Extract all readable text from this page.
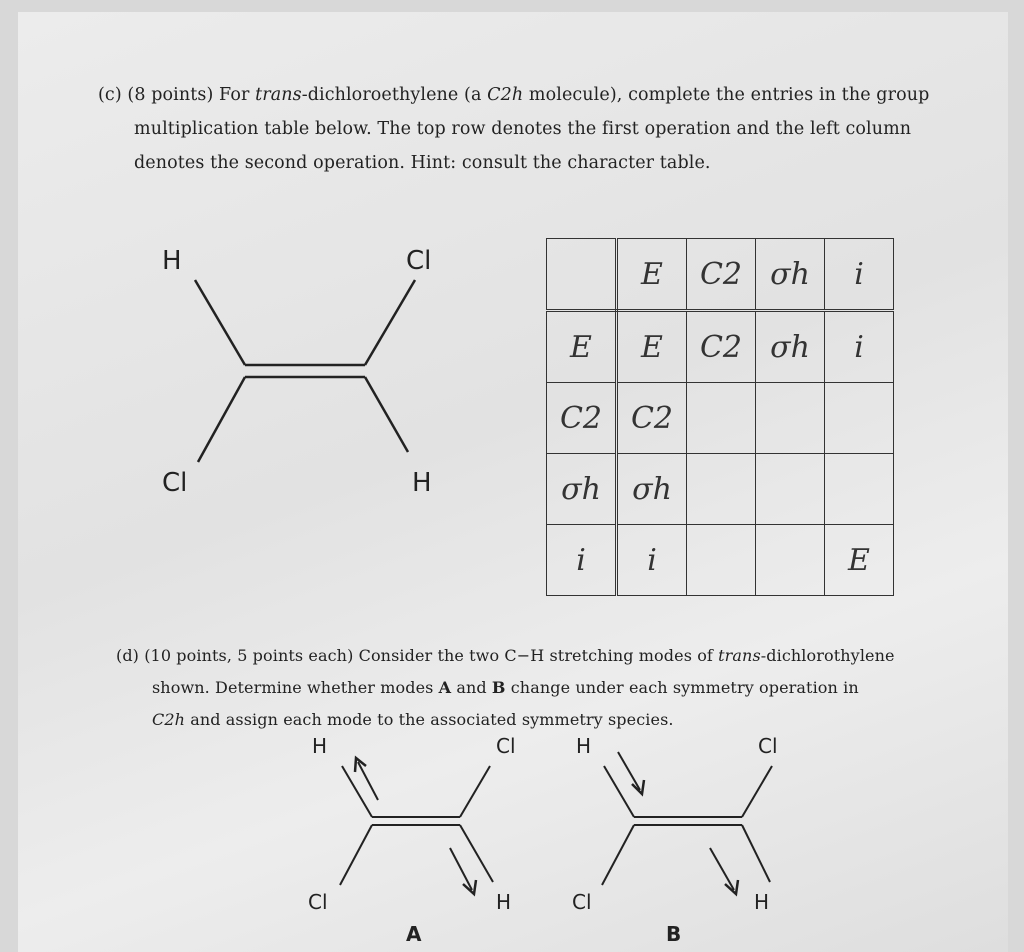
(c) (8 points) For trans-dichloroethylene (a C2h molecule), complete the entries in the group
multiplication table below. The top row denotes the first operation and the left column
denotes the second operation. Hint: consult the character table.
H	Cl
Cl	H
	E	C2	σh	i
E	E	C2	σh	i
C2	C2			
σh	σh			
i	i			E
(d) (10 points, 5 points each) Consider the two C−H stretching modes of trans-dichlorothylene
shown. Determine whether modes A and B change under each symmetry operation in
C2h and assign each mode to the associated symmetry species.
H	Cl
Cl	H
A
H	Cl
Cl	H
B
